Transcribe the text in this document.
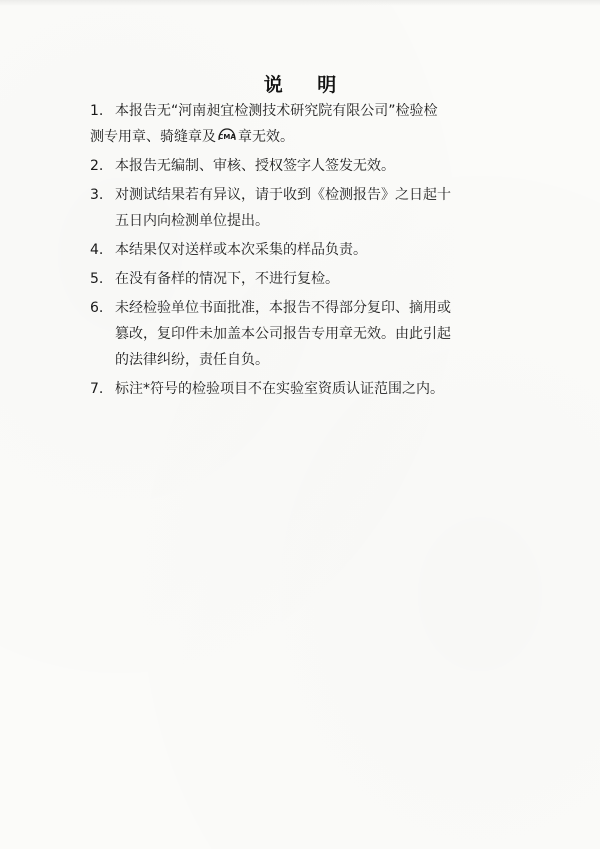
说 明
1. 本报告无“河南昶宜检测技术研究院有限公司”检验检
测专用章、骑缝章及 CMA 章无效。
2. 本报告无编制、审核、授权签字人签发无效。
3. 对测试结果若有异议，请于收到《检测报告》之日起十
五日内向检测单位提出。
4. 本结果仅对送样或本次采集的样品负责。
5. 在没有备样的情况下，不进行复检。
6. 未经检验单位书面批准，本报告不得部分复印、摘用或
篡改，复印件未加盖本公司报告专用章无效。由此引起
的法律纠纷，责任自负。
7. 标注*符号的检验项目不在实验室资质认证范围之内。
